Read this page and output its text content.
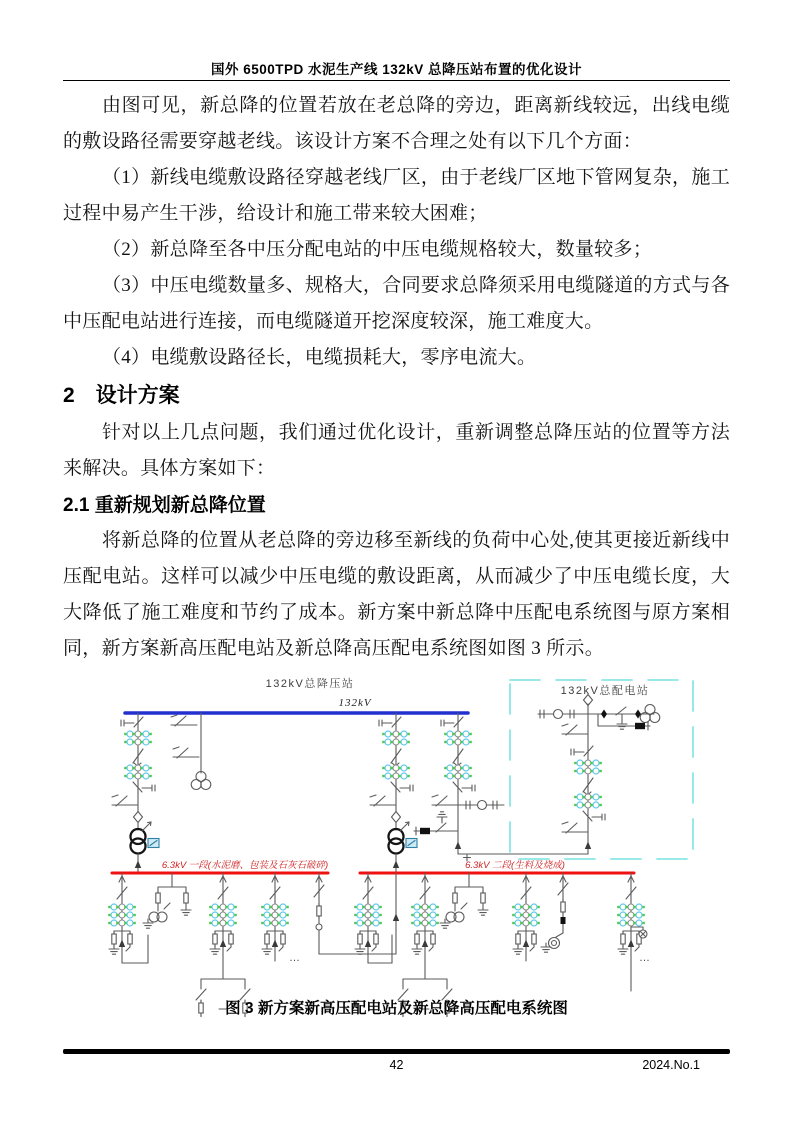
国外 6500TPD 水泥生产线 132kV 总降压站布置的优化设计

由图可见，新总降的位置若放在老总降的旁边，距离新线较远，出线电缆的敷设路径需要穿越老线。该设计方案不合理之处有以下几个方面：

（1）新线电缆敷设路径穿越老线厂区，由于老线厂区地下管网复杂，施工过程中易产生干涉，给设计和施工带来较大困难；

（2）新总降至各中压分配电站的中压电缆规格较大，数量较多；

（3）中压电缆数量多、规格大，合同要求总降须采用电缆隧道的方式与各中压配电站进行连接，而电缆隧道开挖深度较深，施工难度大。

（4）电缆敷设路径长，电缆损耗大，零序电流大。

2　设计方案

针对以上几点问题，我们通过优化设计，重新调整总降压站的位置等方法来解决。具体方案如下：

2.1 重新规划新总降位置

将新总降的位置从老总降的旁边移至新线的负荷中心处,使其更接近新线中压配电站。这样可以减少中压电缆的敷设距离，从而减少了中压电缆长度，大大降低了施工难度和节约了成本。新方案中新总降中压配电系统图与原方案相同，新方案新高压配电站及新总降高压配电系统图如图 3 所示。

132kV总降压站
132kV
132kV总配电站
6.3kV 一段(水泥磨、包装及石灰石破碎)	6.3kV 二段(生料及烧成)
…	…
图 3 新方案新高压配电站及新总降高压配电系统图
42	2024.No.1
